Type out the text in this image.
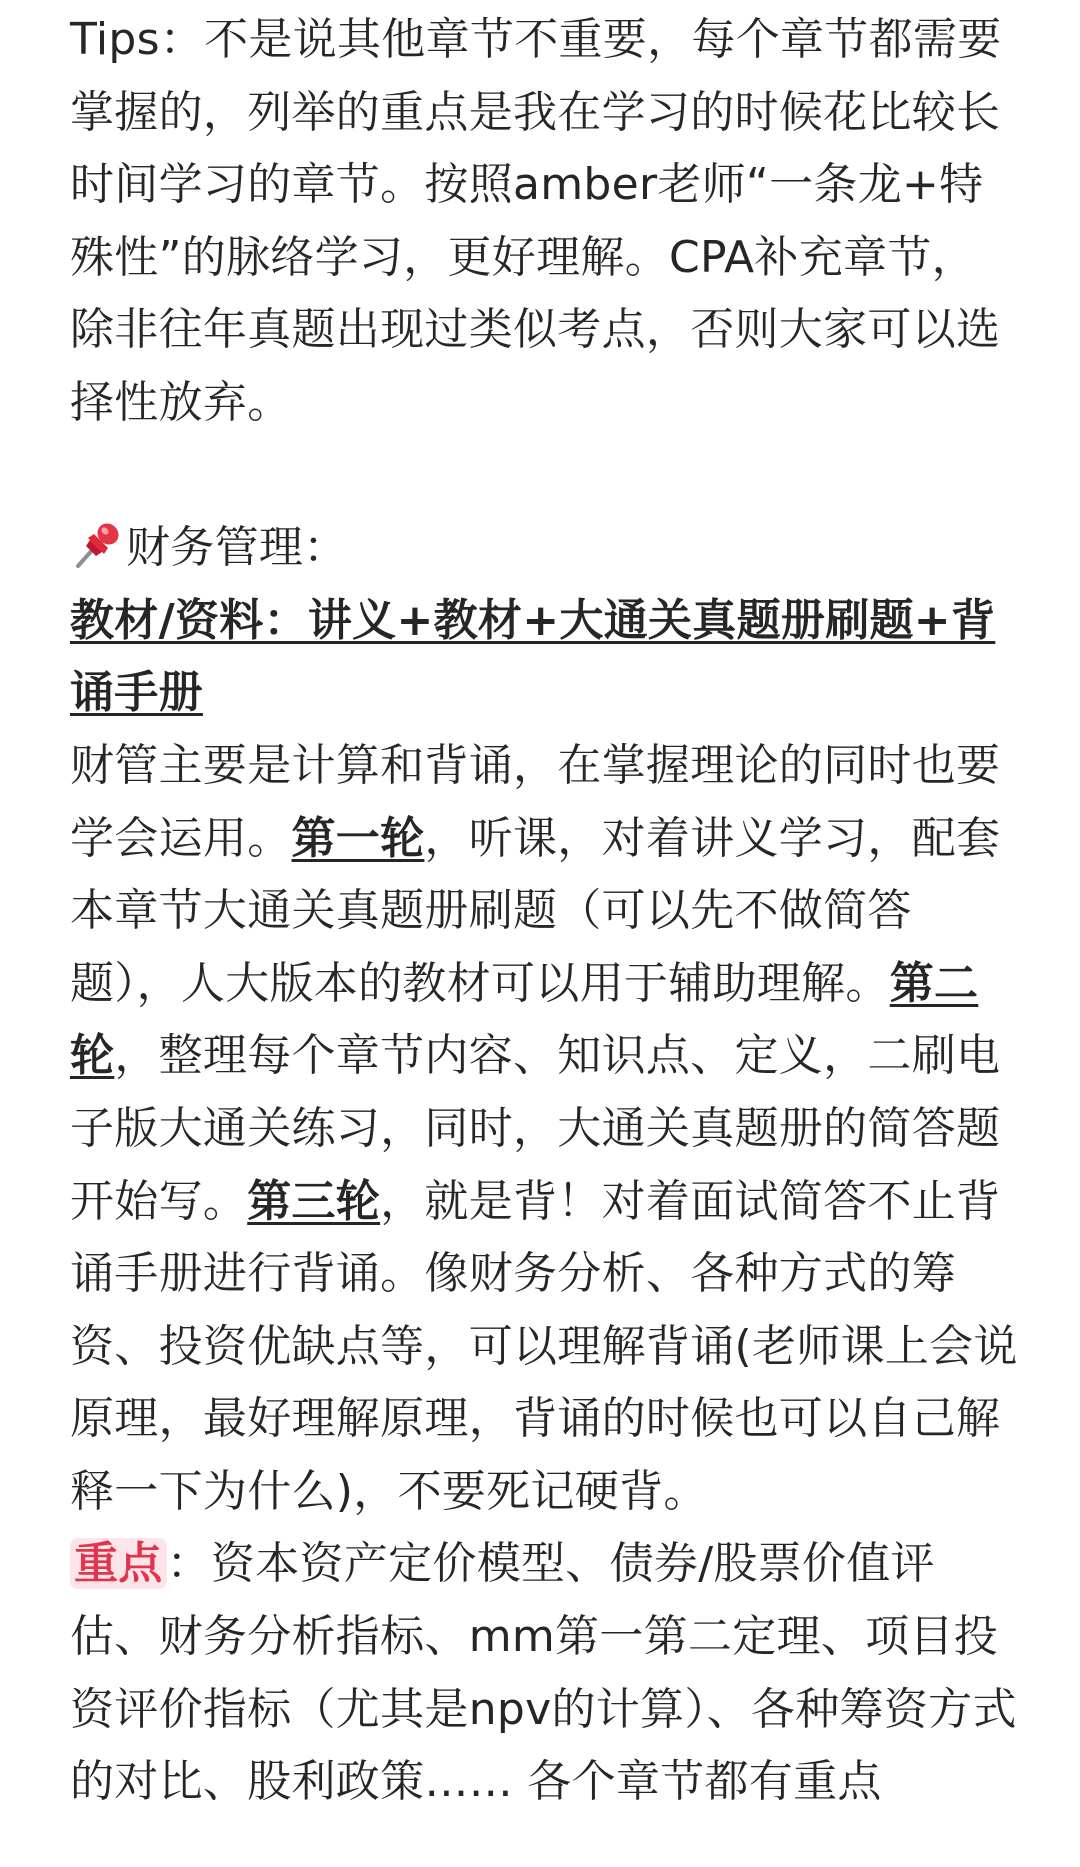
Tips：不是说其他章节不重要，每个章节都需要掌握的，列举的重点是我在学习的时候花比较长时间学习的章节。按照amber老师“一条龙+特殊性”的脉络学习，更好理解。CPA补充章节，除非往年真题出现过类似考点，否则大家可以选择性放弃。

财务管理：

教材/资料：讲义+教材+大通关真题册刷题+背诵手册

财管主要是计算和背诵，在掌握理论的同时也要学会运用。第一轮，听课，对着讲义学习，配套本章节大通关真题册刷题（可以先不做简答题），人大版本的教材可以用于辅助理解。第二轮，整理每个章节内容、知识点、定义，二刷电子版大通关练习，同时，大通关真题册的简答题开始写。第三轮，就是背！对着面试简答不止背诵手册进行背诵。像财务分析、各种方式的筹资、投资优缺点等，可以理解背诵(老师课上会说原理，最好理解原理，背诵的时候也可以自己解释一下为什么)，不要死记硬背。

重点：资本资产定价模型、债券/股票价值评估、财务分析指标、mm第一第二定理、项目投资评价指标（尤其是npv的计算）、各种筹资方式的对比、股利政策…… 各个章节都有重点
